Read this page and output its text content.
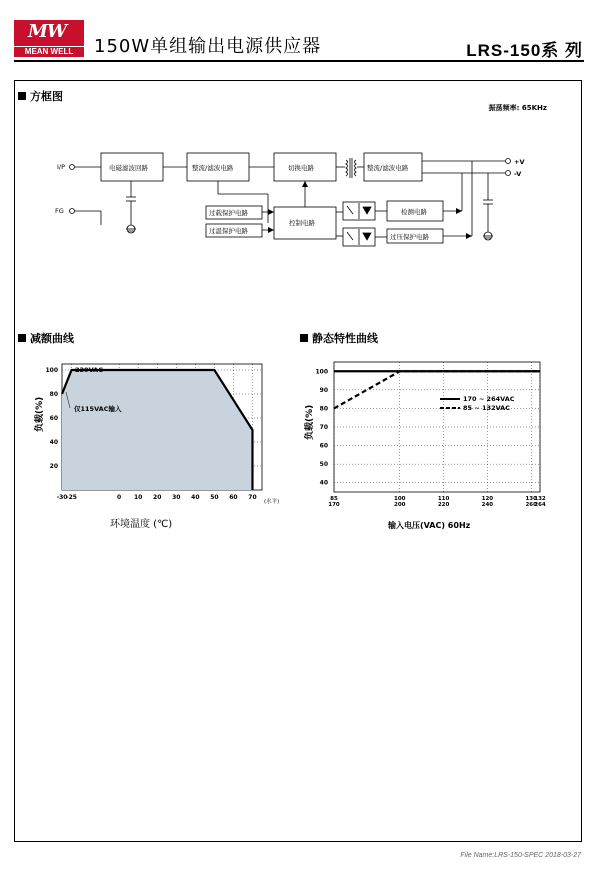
MW
MEAN WELL	150W单组输出电源供应器	LRS-150系 列
方框图
振荡频率: 65KHz
I/P
FG
电磁滤波回路	整流/滤波电路	切换电路	整流/滤波电路
控制电路
检测电路
过压保护电路
过载保护电路
过温保护电路
+V
-V
减额曲线	静态特性曲线
-30
-25	0 10 20 30 40 50 60 70
100
80
60
40
20
230VAC
仅115VAC输入
(水平)
环境温度 (℃)
负载(%)
100
90
80
70
60
50
40
85
170
100
200
110
220
120
240
130
260
132
264
170 ~ 264VAC
85 ~ 132VAC
输入电压(VAC) 60Hz
负载(%)
File Name:LRS-150-SPEC 2018-03-27
